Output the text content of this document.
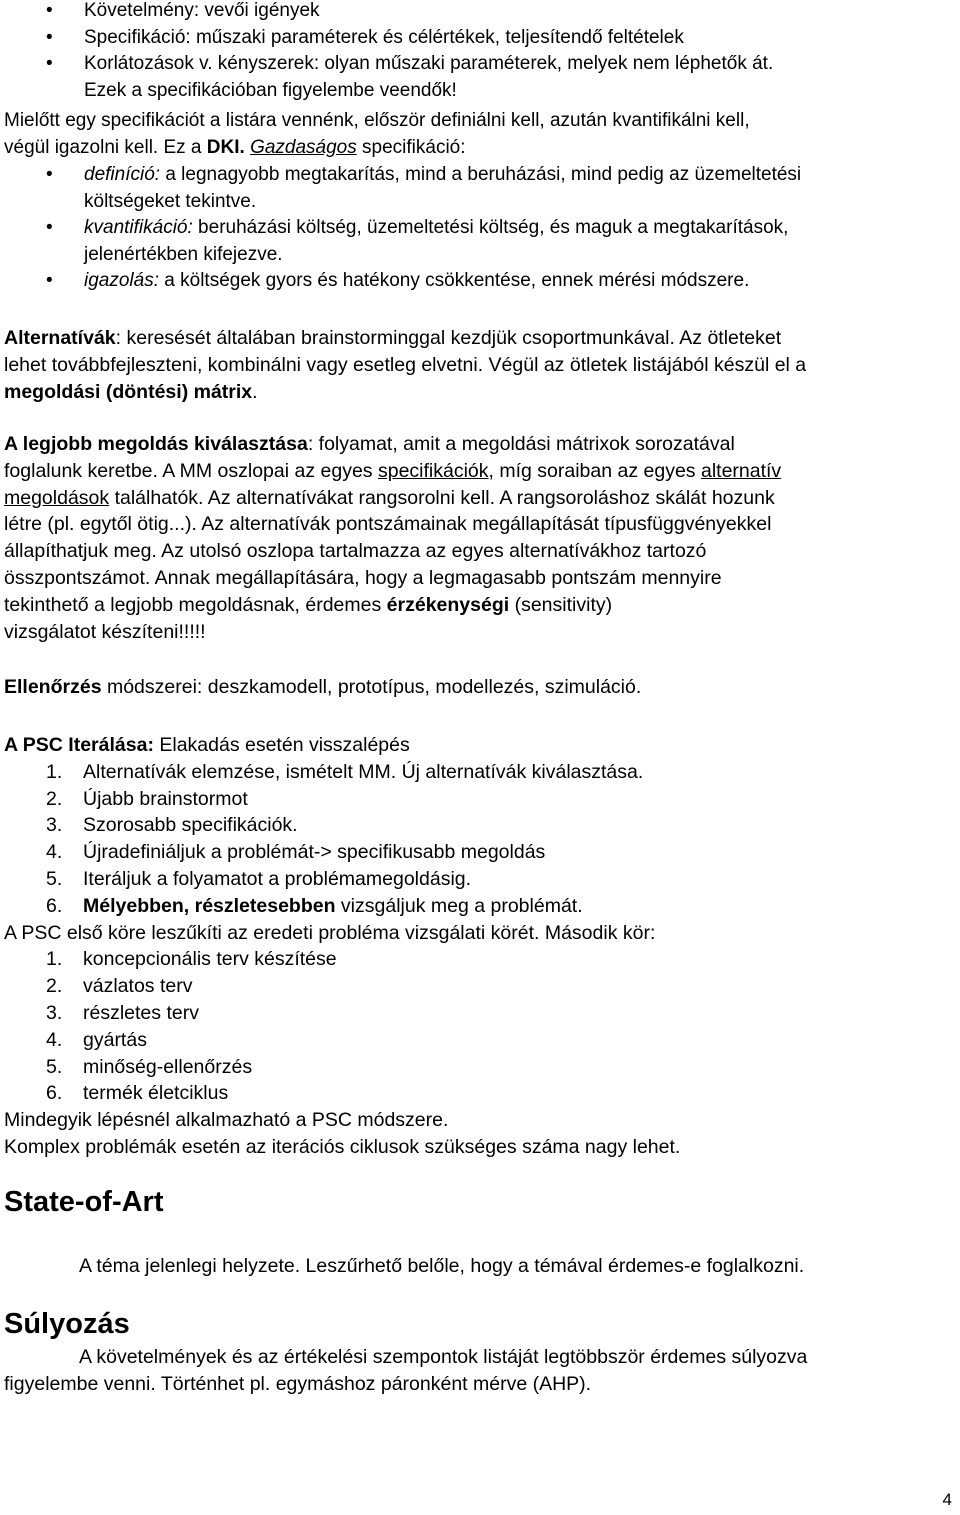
• Követelmény: vevői igények
• Specifikáció: műszaki paraméterek és célértékek, teljesítendő feltételek
• Korlátozások v. kényszerek: olyan műszaki paraméterek, melyek nem léphetők át.
Ezek a specifikációban figyelembe veendők!

Mielőtt egy specifikációt a listára vennénk, először definiálni kell, azután kvantifikálni kell,
végül igazolni kell. Ez a DKI. Gazdaságos specifikáció:

• definíció: a legnagyobb megtakarítás, mind a beruházási, mind pedig az üzemeltetési
költségeket tekintve.
• kvantifikáció: beruházási költség, üzemeltetési költség, és maguk a megtakarítások,
jelenértékben kifejezve.
• igazolás: a költségek gyors és hatékony csökkentése, ennek mérési módszere.

Alternatívák: keresését általában brainstorminggal kezdjük csoportmunkával. Az ötleteket
lehet továbbfejleszteni, kombinálni vagy esetleg elvetni. Végül az ötletek listájából készül el a
megoldási (döntési) mátrix.

A legjobb megoldás kiválasztása: folyamat, amit a megoldási mátrixok sorozatával
foglalunk keretbe. A MM oszlopai az egyes specifikációk, míg soraiban az egyes alternatív
megoldások találhatók. Az alternatívákat rangsorolni kell. A rangsoroláshoz skálát hozunk
létre (pl. egytől ötig...). Az alternatívák pontszámainak megállapítását típusfüggvényekkel
állapíthatjuk meg. Az utolsó oszlopa tartalmazza az egyes alternatívákhoz tartozó
összpontszámot. Annak megállapítására, hogy a legmagasabb pontszám mennyire
tekinthető a legjobb megoldásnak, érdemes érzékenységi (sensitivity)
vizsgálatot készíteni!!!!!

Ellenőrzés módszerei: deszkamodell, prototípus, modellezés, szimuláció.

A PSC Iterálása: Elakadás esetén visszalépés

1. Alternatívák elemzése, ismételt MM. Új alternatívák kiválasztása.
2. Újabb brainstormot
3. Szorosabb specifikációk.
4. Újradefiniáljuk a problémát-> specifikusabb megoldás
5. Iteráljuk a folyamatot a problémamegoldásig.
6. Mélyebben, részletesebben vizsgáljuk meg a problémát.

A PSC első köre leszűkíti az eredeti probléma vizsgálati körét. Második kör:

1. koncepcionális terv készítése
2. vázlatos terv
3. részletes terv
4. gyártás
5. minőség-ellenőrzés
6. termék életciklus

Mindegyik lépésnél alkalmazható a PSC módszere.

Komplex problémák esetén az iterációs ciklusok szükséges száma nagy lehet.

State-of-Art

A téma jelenlegi helyzete. Leszűrhető belőle, hogy a témával érdemes-e foglalkozni.

Súlyozás

A követelmények és az értékelési szempontok listáját legtöbbször érdemes súlyozva
figyelembe venni. Történhet pl. egymáshoz páronként mérve (AHP).

4
